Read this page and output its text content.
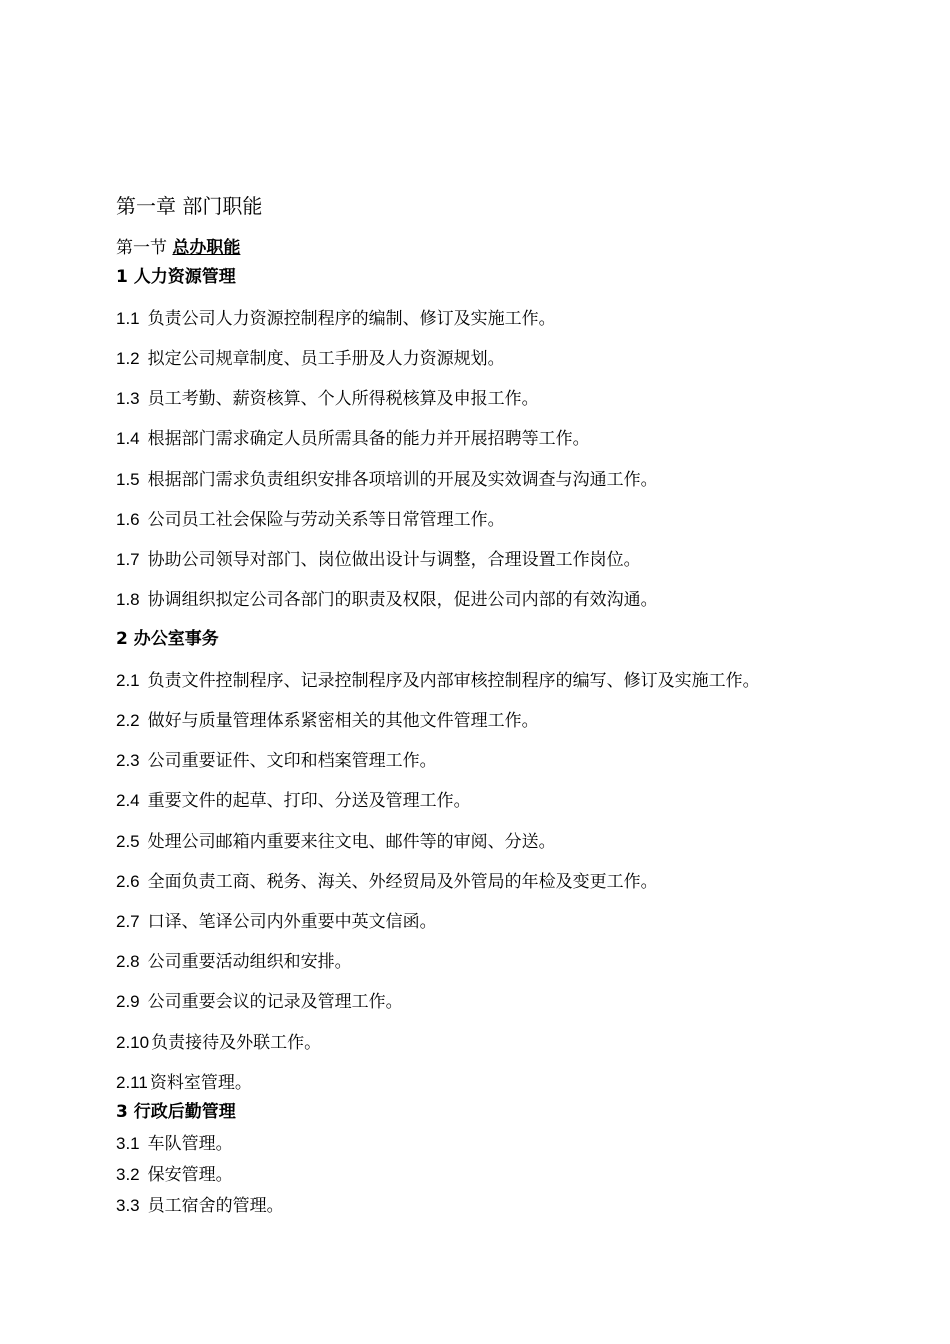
第一章 部门职能
第一节 总办职能
1 人力资源管理
1.1 负责公司人力资源控制程序的编制、修订及实施工作。
1.2 拟定公司规章制度、员工手册及人力资源规划。
1.3 员工考勤、薪资核算、个人所得税核算及申报工作。
1.4 根据部门需求确定人员所需具备的能力并开展招聘等工作。
1.5 根据部门需求负责组织安排各项培训的开展及实效调查与沟通工作。
1.6 公司员工社会保险与劳动关系等日常管理工作。
1.7 协助公司领导对部门、岗位做出设计与调整，合理设置工作岗位。
1.8 协调组织拟定公司各部门的职责及权限，促进公司内部的有效沟通。
2 办公室事务
2.1 负责文件控制程序、记录控制程序及内部审核控制程序的编写、修订及实施工作。
2.2 做好与质量管理体系紧密相关的其他文件管理工作。
2.3 公司重要证件、文印和档案管理工作。
2.4 重要文件的起草、打印、分送及管理工作。
2.5 处理公司邮箱内重要来往文电、邮件等的审阅、分送。
2.6 全面负责工商、税务、海关、外经贸局及外管局的年检及变更工作。
2.7 口译、笔译公司内外重要中英文信函。
2.8 公司重要活动组织和安排。
2.9 公司重要会议的记录及管理工作。
2.10 负责接待及外联工作。
2.11 资料室管理。
3 行政后勤管理
3.1 车队管理。
3.2 保安管理。
3.3 员工宿舍的管理。
